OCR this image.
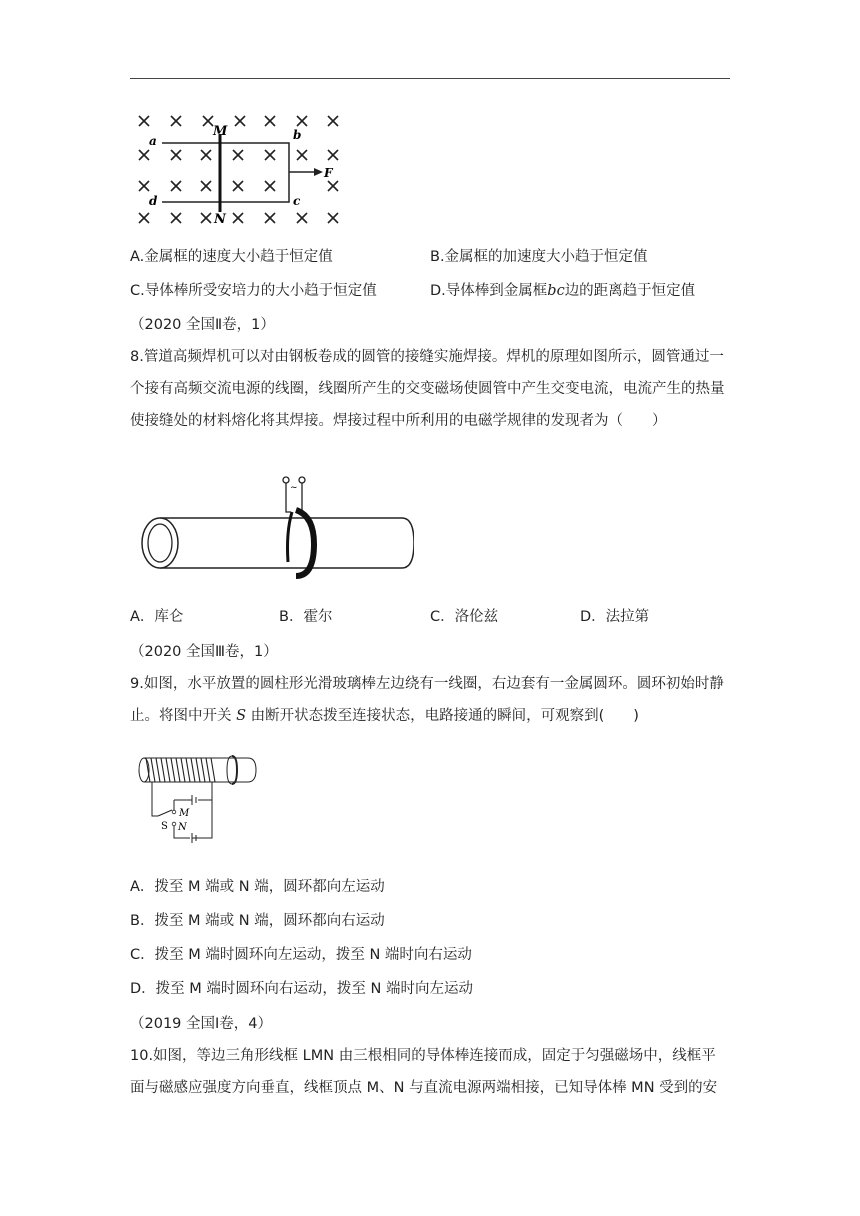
M
N
a	b
c
d
F
A.金属框的速度大小趋于恒定值	B.金属框的加速度大小趋于恒定值
C.导体棒所受安培力的大小趋于恒定值	D.导体棒到金属框bc边的距离趋于恒定值
（2020 全国Ⅱ卷，1）
8.管道高频焊机可以对由钢板卷成的圆管的接缝实施焊接。焊机的原理如图所示，圆管通过一个接有高频交流电源的线圈，线圈所产生的交变磁场使圆管中产生交变电流，电流产生的热量使接缝处的材料熔化将其焊接。焊接过程中所利用的电磁学规律的发现者为（　　）
~
A．库仑	B．霍尔	C．洛伦兹	D．法拉第
（2020 全国Ⅲ卷，1）
9.如图，水平放置的圆柱形光滑玻璃棒左边绕有一线圈，右边套有一金属圆环。圆环初始时静止。将图中开关 S 由断开状态拨至连接状态，电路接通的瞬间，可观察到(　　)
M
N
S
A．拨至 M 端或 N 端，圆环都向左运动
B．拨至 M 端或 N 端，圆环都向右运动
C．拨至 M 端时圆环向左运动，拨至 N 端时向右运动
D．拨至 M 端时圆环向右运动，拨至 N 端时向左运动
（2019 全国Ⅰ卷，4）
10.如图，等边三角形线框 LMN 由三根相同的导体棒连接而成，固定于匀强磁场中，线框平面与磁感应强度方向垂直，线框顶点 M、N 与直流电源两端相接，已知导体棒 MN 受到的安
